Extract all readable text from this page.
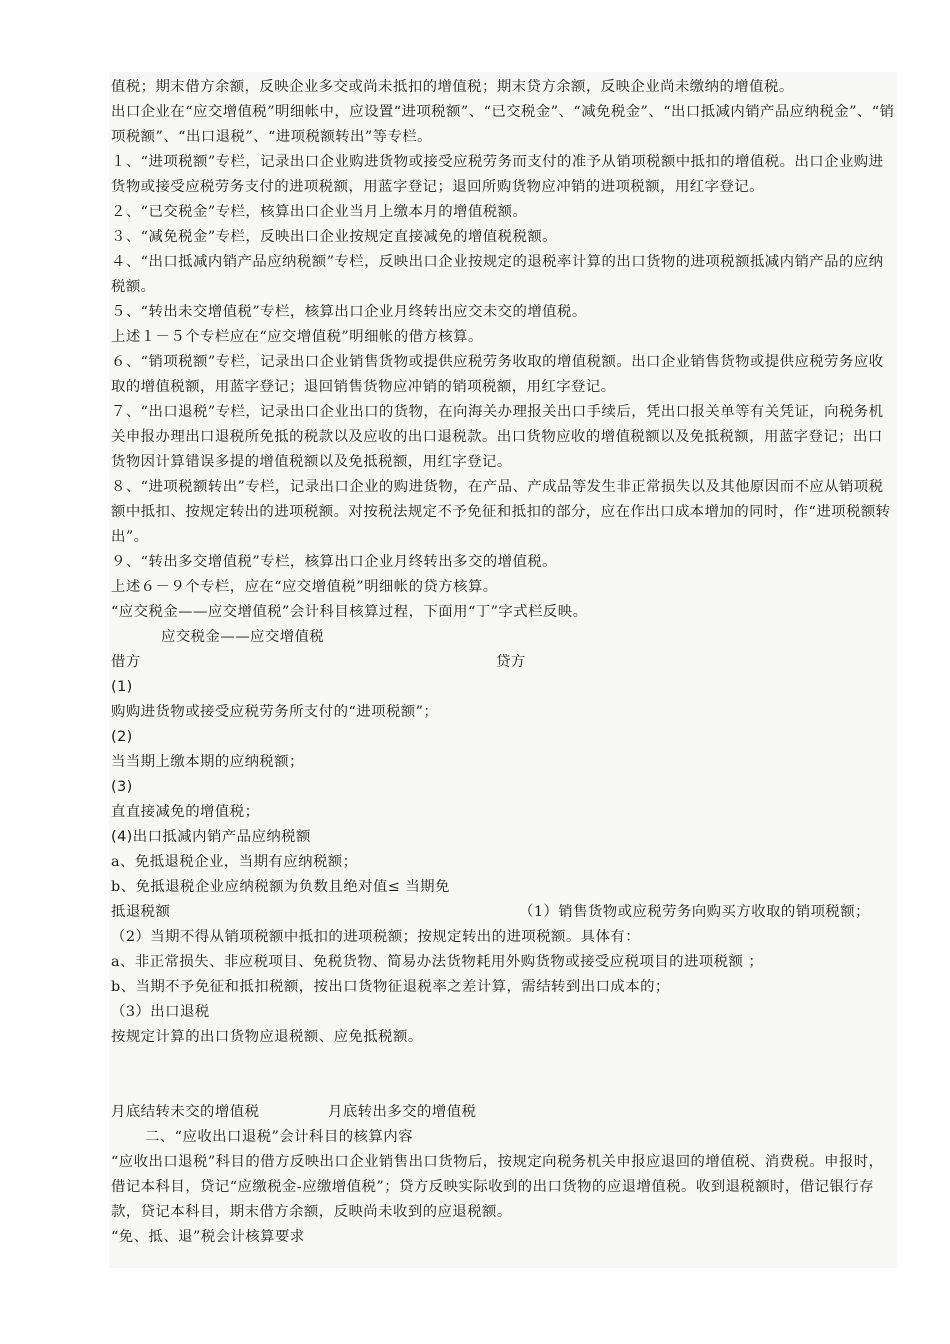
值税；期末借方余额，反映企业多交或尚未抵扣的增值税；期末贷方余额，反映企业尚未缴纳的增值税。
出口企业在“应交增值税”明细帐中，应设置“进项税额”、“已交税金”、“减免税金”、“出口抵减内销产品应纳税金”、“销项税额”、“出口退税”、“进项税额转出”等专栏。
１、“进项税额”专栏，记录出口企业购进货物或接受应税劳务而支付的准予从销项税额中抵扣的增值税。出口企业购进货物或接受应税劳务支付的进项税额，用蓝字登记；退回所购货物应冲销的进项税额，用红字登记。
２、“已交税金”专栏，核算出口企业当月上缴本月的增值税额。
３、“减免税金”专栏，反映出口企业按规定直接减免的增值税税额。
４、“出口抵减内销产品应纳税额”专栏，反映出口企业按规定的退税率计算的出口货物的进项税额抵减内销产品的应纳税额。
５、“转出未交增值税”专栏，核算出口企业月终转出应交未交的增值税。
上述１－５个专栏应在“应交增值税”明细帐的借方核算。
６、“销项税额”专栏，记录出口企业销售货物或提供应税劳务收取的增值税额。出口企业销售货物或提供应税劳务应收取的增值税额，用蓝字登记；退回销售货物应冲销的销项税额，用红字登记。
７、“出口退税”专栏，记录出口企业出口的货物，在向海关办理报关出口手续后，凭出口报关单等有关凭证，向税务机关申报办理出口退税所免抵的税款以及应收的出口退税款。出口货物应收的增值税额以及免抵税额，用蓝字登记；出口货物因计算错误多提的增值税额以及免抵税额，用红字登记。
８、“进项税额转出”专栏，记录出口企业的购进货物，在产品、产成品等发生非正常损失以及其他原因而不应从销项税额中抵扣、按规定转出的进项税额。对按税法规定不予免征和抵扣的部分，应在作出口成本增加的同时，作“进项税额转出”。
９、“转出多交增值税”专栏，核算出口企业月终转出多交的增值税。
上述６－９个专栏，应在“应交增值税”明细帐的贷方核算。
“应交税金——应交增值税”会计科目核算过程，下面用“丁”字式栏反映。
应交税金——应交增值税
借方	贷方
(1)
购购进货物或接受应税劳务所支付的“进项税额”；
(2)
当当期上缴本期的应纳税额；
(3)
直直接减免的增值税；
(4)出口抵减内销产品应纳税额
a、免抵退税企业，当期有应纳税额；
b、免抵退税企业应纳税额为负数且绝对值≤ 当期免抵退税额	（1）销售货物或应税劳务向购买方收取的销项税额；
（2）当期不得从销项税额中抵扣的进项税额；按规定转出的进项税额。具体有：
a、非正常损失、非应税项目、免税货物、简易办法货物耗用外购货物或接受应税项目的进项税额 ；
b、当期不予免征和抵扣税额，按出口货物征退税率之差计算，需结转到出口成本的；
（3）出口退税
按规定计算的出口货物应退税额、应免抵税额。
月底结转未交的增值税	月底转出多交的增值税
二、“应收出口退税”会计科目的核算内容
“应收出口退税”科目的借方反映出口企业销售出口货物后，按规定向税务机关申报应退回的增值税、消费税。申报时，借记本科目，贷记“应缴税金-应缴增值税”；贷方反映实际收到的出口货物的应退增值税。收到退税额时，借记银行存款，贷记本科目，期末借方余额，反映尚未收到的应退税额。
“免、抵、退”税会计核算要求
